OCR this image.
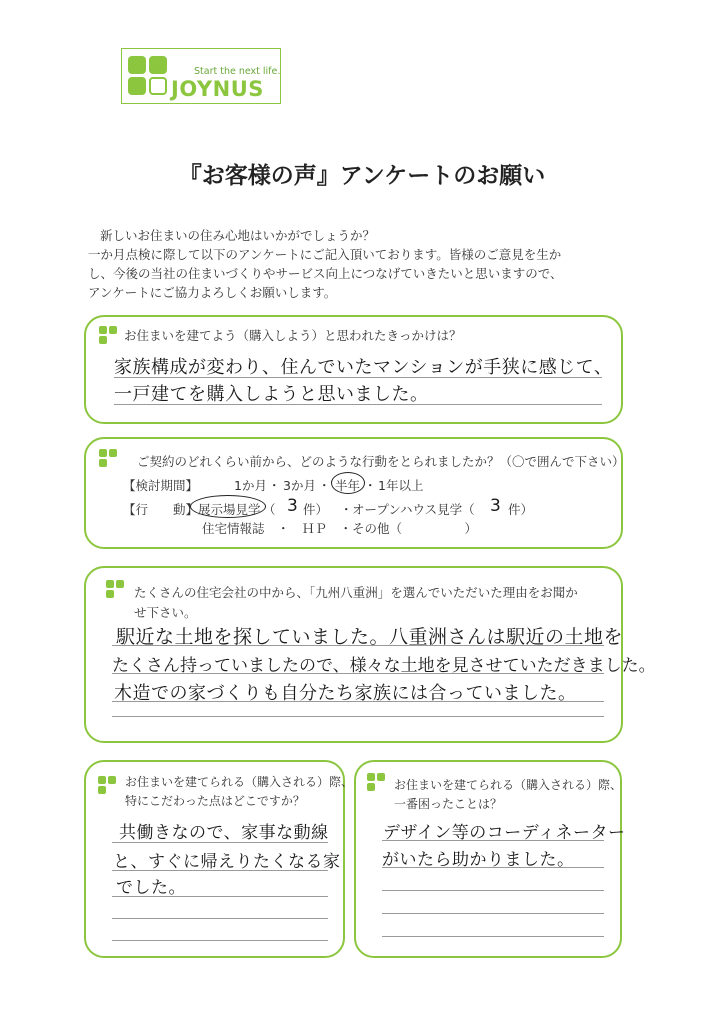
Start the next life.
JOYNUS
『お客様の声』アンケートのお願い

新しいお住まいの住み心地はいかがでしょうか？

一か月点検に際して以下のアンケートにご記入頂いております。皆様のご意見を生か

し、今後の当社の住まいづくりやサービス向上につなげていきたいと思いますので、

アンケートにご協力よろしくお願いします。

お住まいを建てよう（購入しよう）と思われたきっかけは？
家族構成が変わり、住んでいたマンションが手狭に感じて、
一戸建てを購入しようと思いました。
ご契約のどれくらい前から、どのような行動をとられましたか？（〇で囲んで下さい）
【検討期間】	1か月 ・ 3か月 ・ 半年 ・ 1年以上
【行　　動】 展示場見学 （ 3 件） ・ オープンハウス見学（ 3 件）
住宅情報誌　・　ＨＰ　・その他（　　　　　）
たくさんの住宅会社の中から、「九州八重洲」を選んでいただいた理由をお聞か
せ下さい。
駅近な土地を探していました。八重洲さんは駅近の土地を
たくさん持っていましたので、様々な土地を見させていただきました。
木造での家づくりも自分たち家族には合っていました。
お住まいを建てられる（購入される）際、
特にこだわった点はどこですか？
共働きなので、家事な動線
と、すぐに帰えりたくなる家
でした。
お住まいを建てられる（購入される）際、
一番困ったことは？
デザイン等のコーディネーター
がいたら助かりました。
